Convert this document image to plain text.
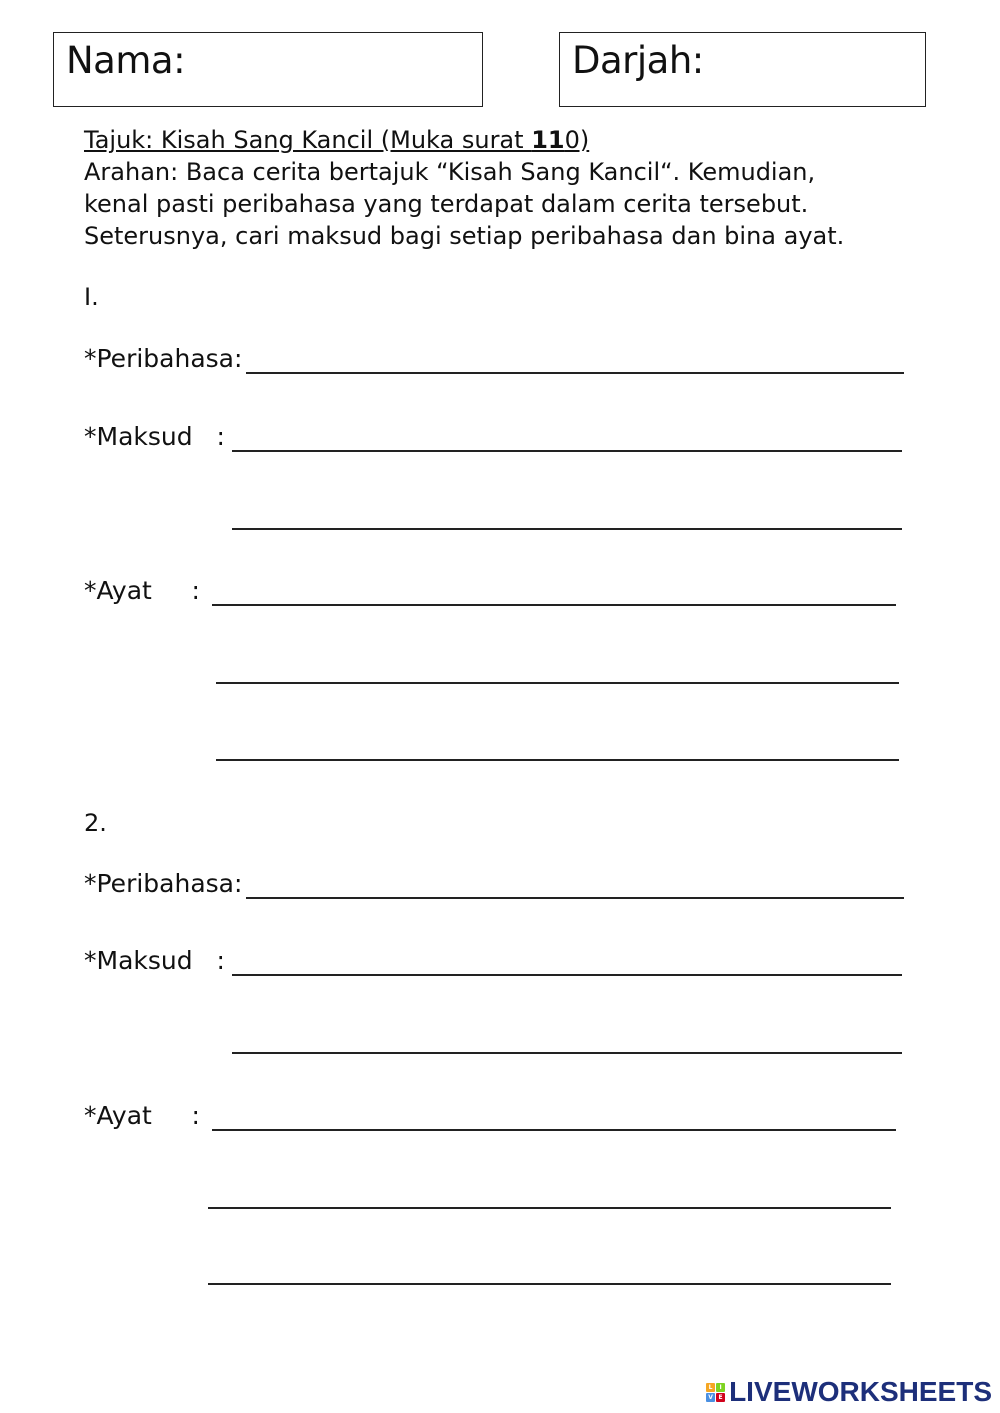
Nama:	Darjah:
Tajuk: Kisah Sang Kancil (Muka surat 110)
Arahan: Baca cerita bertajuk “Kisah Sang Kancil“. Kemudian,
kenal pasti peribahasa yang terdapat dalam cerita tersebut.
Seterusnya, cari maksud bagi setiap peribahasa dan bina ayat.
I.
*Peribahasa:
*Maksud   :
*Ayat     :
2.
*Peribahasa:
*Maksud   :
*Ayat     :
L	I
V E LIVEWORKSHEETS
